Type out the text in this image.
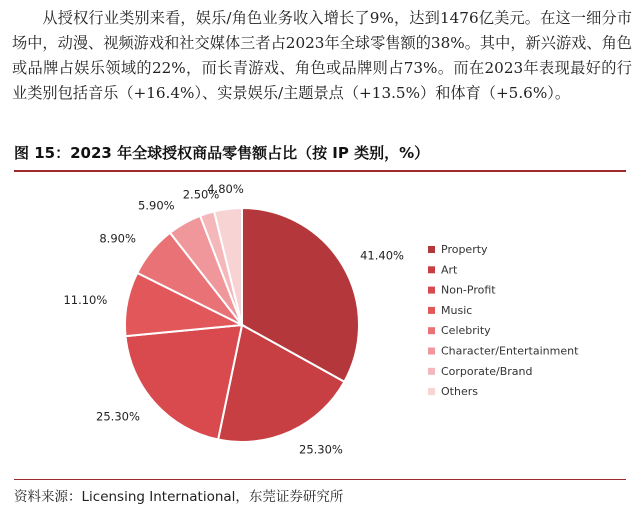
从授权行业类别来看，娱乐/角色业务收入增长了9%，达到1476亿美元。在这一细分市场中，动漫、视频游戏和社交媒体三者占2023年全球零售额的38%。其中，新兴游戏、角色或品牌占娱乐领域的22%，而长青游戏、角色或品牌则占73%。而在2023年表现最好的行业类别包括音乐（+16.4%）、实景娱乐/主题景点（+13.5%）和体育（+5.6%）。

图 15：2023 年全球授权商品零售额占比（按 IP 类别，%）
41.40%
25.30%
25.30%
11.10%
8.90%
5.90%
2.50%
4.80%
Property
Art
Non-Profit
Music
Celebrity
Character/Entertainment
Corporate/Brand
Others
资料来源：Licensing International，东莞证券研究所
